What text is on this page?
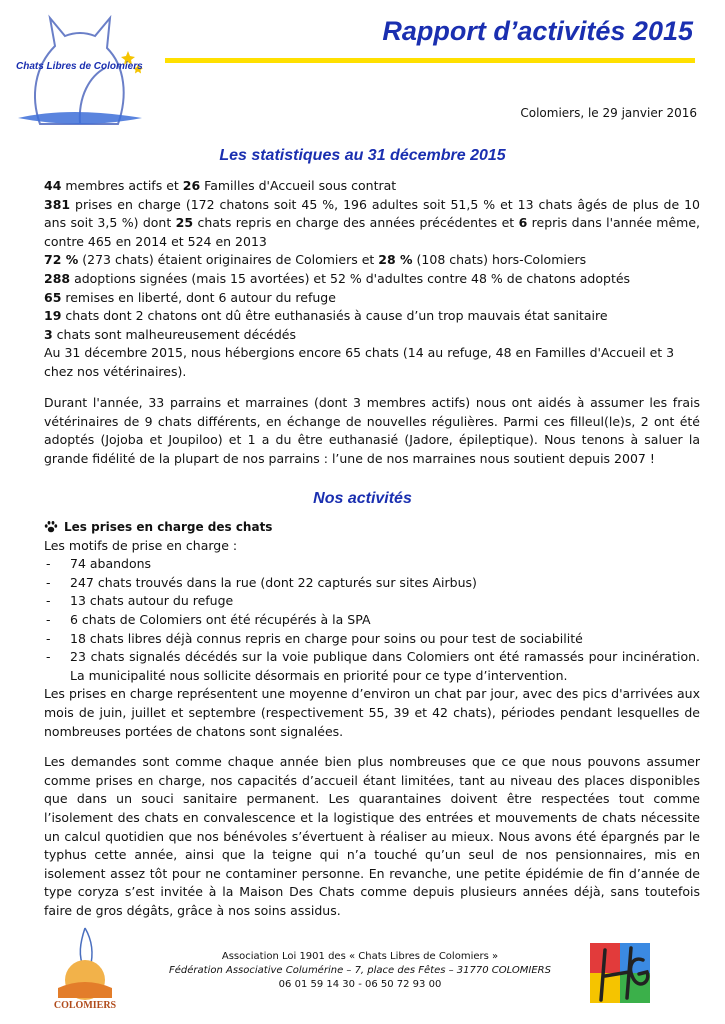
Chats Libres de Colomiers
Rapport d’activités 2015
Colomiers, le 29 janvier 2016
Les statistiques au 31 décembre 2015

44 membres actifs et 26 Familles d'Accueil sous contrat

381 prises en charge (172 chatons soit 45 %, 196 adultes soit 51,5 % et 13 chats âgés de plus de 10 ans soit 3,5 %) dont 25 chats repris en charge des années précédentes et 6 repris dans l'année même, contre 465 en 2014 et 524 en 2013

72 % (273 chats) étaient originaires de Colomiers et 28 % (108 chats) hors-Colomiers

288 adoptions signées (mais 15 avortées) et 52 % d'adultes contre 48 % de chatons adoptés

65 remises en liberté, dont 6 autour du refuge

19 chats dont 2 chatons ont dû être euthanasiés à cause d’un trop mauvais état sanitaire

3 chats sont malheureusement décédés

Au 31 décembre 2015, nous hébergions encore 65 chats (14 au refuge, 48 en Familles d'Accueil et 3 chez nos vétérinaires).

Durant l'année, 33 parrains et marraines (dont 3 membres actifs) nous ont aidés à assumer les frais vétérinaires de 9 chats différents, en échange de nouvelles régulières. Parmi ces filleul(le)s, 2 ont été adoptés (Jojoba et Joupiloo) et 1 a du être euthanasié (Jadore, épileptique). Nous tenons à saluer la grande fidélité de la plupart de nos parrains : l’une de nos marraines nous soutient depuis 2007 !

Nos activités
Les prises en charge des chats

Les motifs de prise en charge :

- 74 abandons
- 247 chats trouvés dans la rue (dont 22 capturés sur sites Airbus)
- 13 chats autour du refuge
- 6 chats de Colomiers ont été récupérés à la SPA
- 18 chats libres déjà connus repris en charge pour soins ou pour test de sociabilité
- 23 chats signalés décédés sur la voie publique dans Colomiers ont été ramassés pour incinération. La municipalité nous sollicite désormais en priorité pour ce type d’intervention.

Les prises en charge représentent une moyenne d’environ un chat par jour, avec des pics d'arrivées aux mois de juin, juillet et septembre (respectivement 55, 39 et 42 chats), périodes pendant lesquelles de nombreuses portées de chatons sont signalées.

Les demandes sont comme chaque année bien plus nombreuses que ce que nous pouvons assumer comme prises en charge, nos capacités d’accueil étant limitées, tant au niveau des places disponibles que dans un souci sanitaire permanent. Les quarantaines doivent être respectées tout comme l’isolement des chats en convalescence et la logistique des entrées et mouvements de chats nécessite un calcul quotidien que nos bénévoles s’évertuent à réaliser au mieux. Nous avons été épargnés par le typhus cette année, ainsi que la teigne qui n’a touché qu’un seul de nos pensionnaires, mis en isolement assez tôt pour ne contaminer personne. En revanche, une petite épidémie de fin d’année de type coryza s’est invitée à la Maison Des Chats comme depuis plusieurs années déjà, sans toutefois faire de gros dégâts, grâce à nos soins assidus.

COLOMIERS

Association Loi 1901 des « Chats Libres de Colomiers »

Fédération Associative Columérine – 7, place des Fêtes – 31770 COLOMIERS

06 01 59 14 30 - 06 50 72 93 00
